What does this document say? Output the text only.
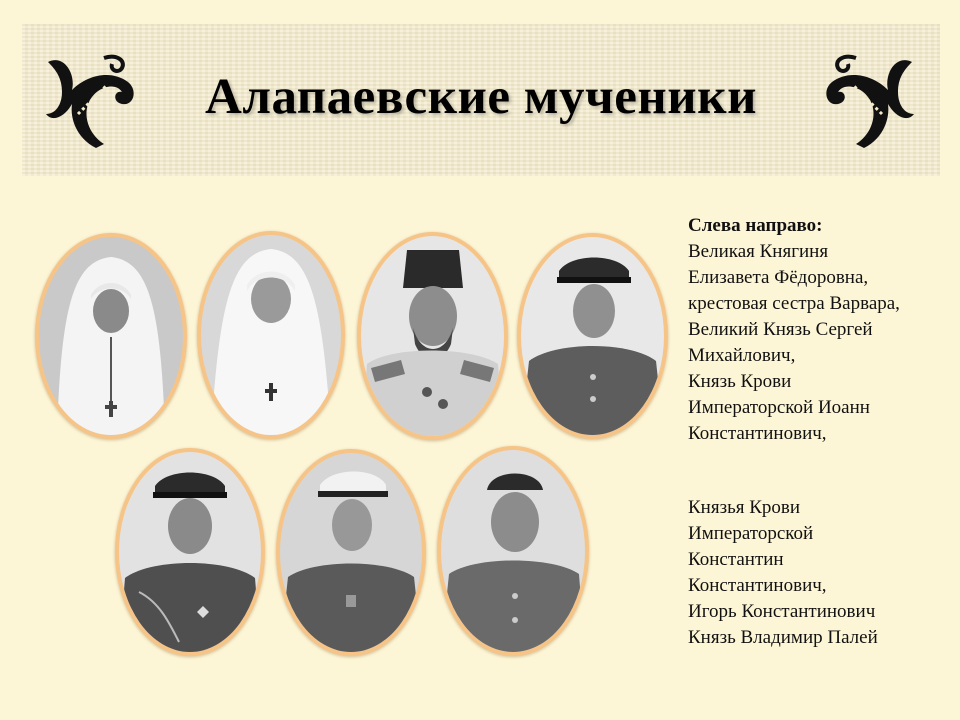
Алапаевские мученики
Слева направо:
Великая Княгиня
Елизавета Фёдоровна,
крестовая сестра Варвара,
Великий Князь Сергей
Михайлович,
Князь Крови
Императорской Иоанн
Константинович,
Князья Крови
Императорской
Константин
Константинович,
Игорь Константинович
Князь Владимир Палей
